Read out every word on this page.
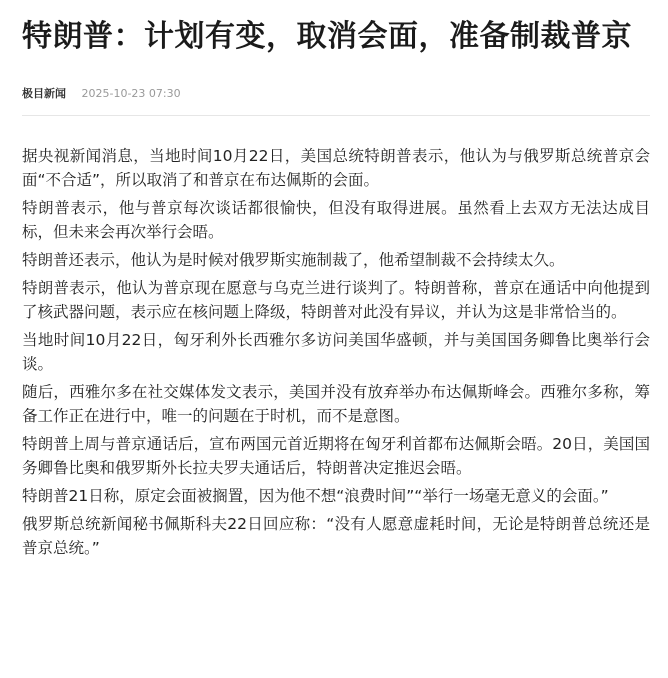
特朗普：计划有变，取消会面，准备制裁普京
极目新闻 2025-10-23 07:30

据央视新闻消息，当地时间10月22日，美国总统特朗普表示，他认为与俄罗斯总统普京会面“不合适”，所以取消了和普京在布达佩斯的会面。

特朗普表示，他与普京每次谈话都很愉快，但没有取得进展。虽然看上去双方无法达成目标，但未来会再次举行会晤。

特朗普还表示，他认为是时候对俄罗斯实施制裁了，他希望制裁不会持续太久。

特朗普表示，他认为普京现在愿意与乌克兰进行谈判了。特朗普称，普京在通话中向他提到了核武器问题，表示应在核问题上降级，特朗普对此没有异议，并认为这是非常恰当的。

当地时间10月22日，匈牙利外长西雅尔多访问美国华盛顿，并与美国国务卿鲁比奥举行会谈。

随后，西雅尔多在社交媒体发文表示，美国并没有放弃举办布达佩斯峰会。西雅尔多称，筹备工作正在进行中，唯一的问题在于时机，而不是意图。

特朗普上周与普京通话后，宣布两国元首近期将在匈牙利首都布达佩斯会晤。20日，美国国务卿鲁比奥和俄罗斯外长拉夫罗夫通话后，特朗普决定推迟会晤。

特朗普21日称，原定会面被搁置，因为他不想“浪费时间”“举行一场毫无意义的会面。”

俄罗斯总统新闻秘书佩斯科夫22日回应称：“没有人愿意虚耗时间，无论是特朗普总统还是普京总统。”
